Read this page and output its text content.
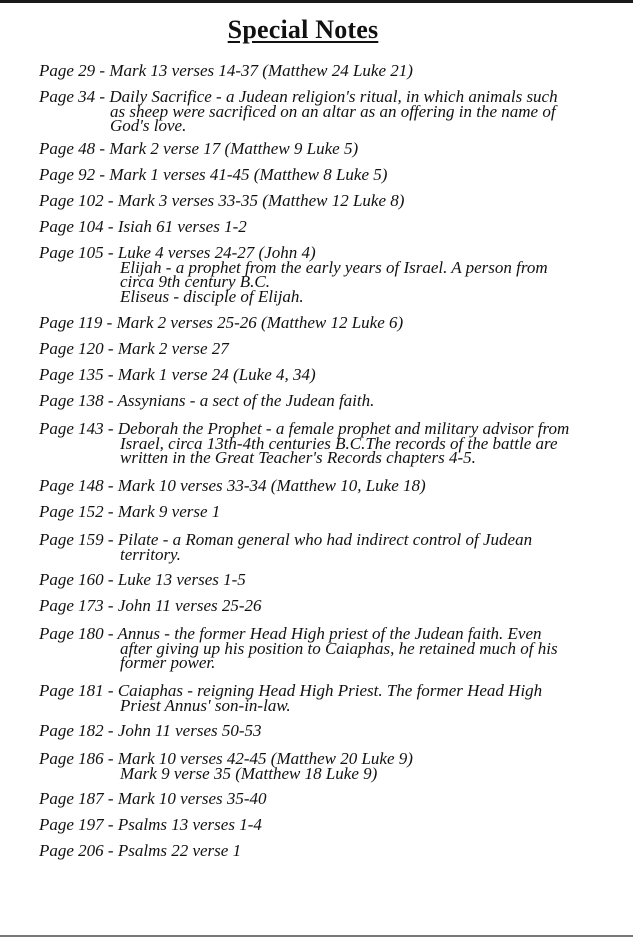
Special Notes
Page 29 - Mark 13 verses 14-37 (Matthew 24 Luke 21)
Page 34 - Daily Sacrifice - a Judean religion's ritual, in which animals such
as sheep were sacrificed on an altar as an offering in the name of
God's love.
Page 48 - Mark 2 verse 17 (Matthew 9 Luke 5)
Page 92 - Mark 1 verses 41-45 (Matthew 8 Luke 5)
Page 102 - Mark 3 verses 33-35 (Matthew 12 Luke 8)
Page 104 - Isiah 61 verses 1-2
Page 105 - Luke 4 verses 24-27 (John 4)
Elijah - a prophet from the early years of Israel. A person from
circa 9th century B.C.
Eliseus - disciple of Elijah.
Page 119 - Mark 2 verses 25-26 (Matthew 12 Luke 6)
Page 120 - Mark 2 verse 27
Page 135 - Mark 1 verse 24 (Luke 4, 34)
Page 138 - Assynians - a sect of the Judean faith.
Page 143 - Deborah the Prophet - a female prophet and military advisor from
Israel, circa 13th-4th centuries B.C.The records of the battle are
written in the Great Teacher's Records chapters 4-5.
Page 148 - Mark 10 verses 33-34 (Matthew 10, Luke 18)
Page 152 - Mark 9 verse 1
Page 159 - Pilate - a Roman general who had indirect control of Judean
territory.
Page 160 - Luke 13 verses 1-5
Page 173 - John 11 verses 25-26
Page 180 - Annus - the former Head High priest of the Judean faith. Even
after giving up his position to Caiaphas, he retained much of his
former power.
Page 181 - Caiaphas - reigning Head High Priest. The former Head High
Priest Annus' son-in-law.
Page 182 - John 11 verses 50-53
Page 186 - Mark 10 verses 42-45 (Matthew 20 Luke 9)
Mark 9 verse 35 (Matthew 18 Luke 9)
Page 187 - Mark 10 verses 35-40
Page 197 - Psalms 13 verses 1-4
Page 206 - Psalms 22 verse 1
